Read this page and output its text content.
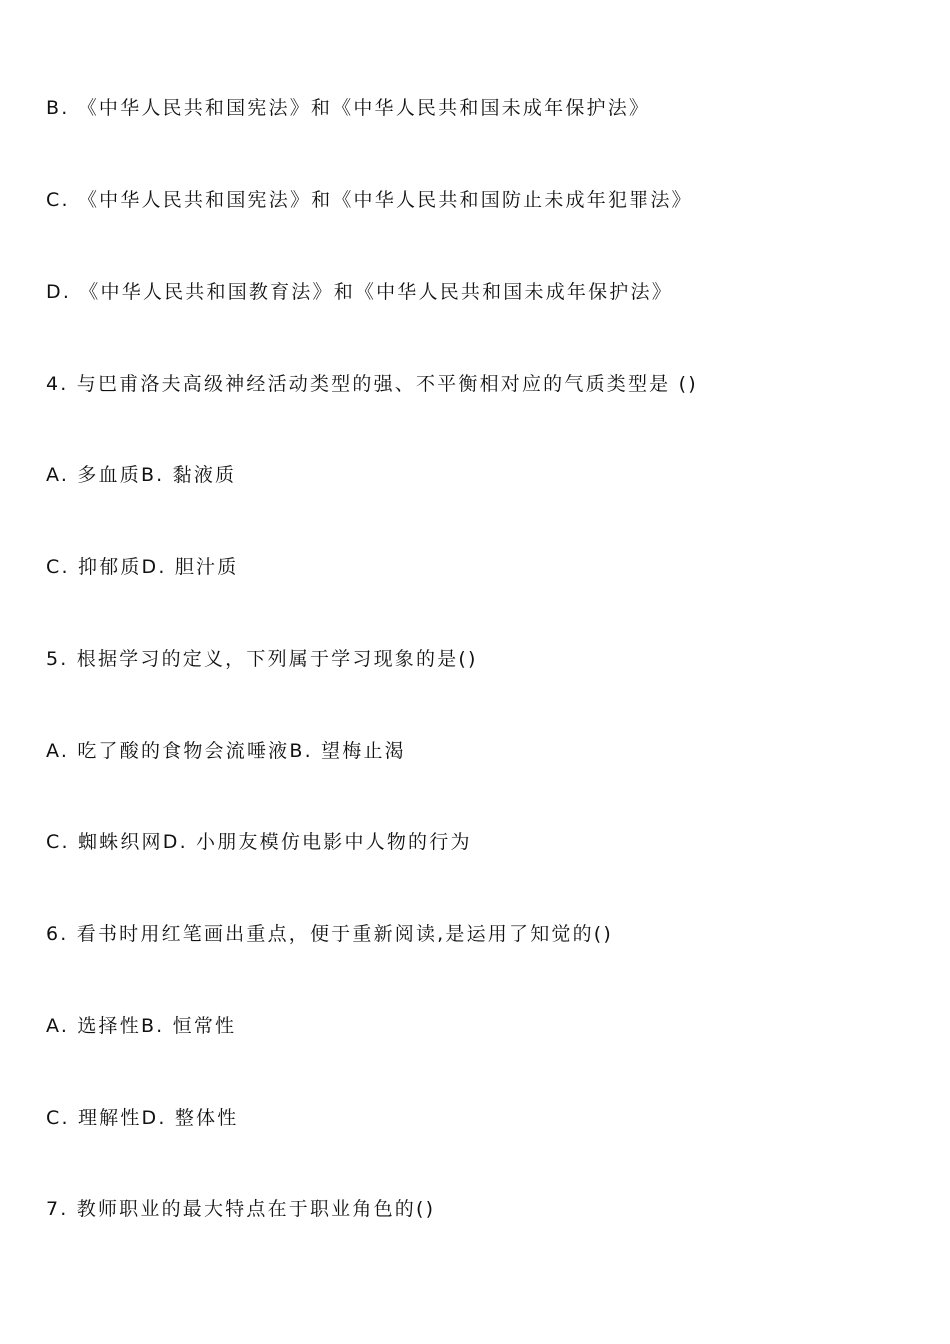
B. 《中华人民共和国宪法》和《中华人民共和国未成年保护法》
C. 《中华人民共和国宪法》和《中华人民共和国防止未成年犯罪法》
D. 《中华人民共和国教育法》和《中华人民共和国未成年保护法》
4. 与巴甫洛夫高级神经活动类型的强、不平衡相对应的气质类型是 ()
A. 多血质B. 黏液质
C. 抑郁质D. 胆汁质
5. 根据学习的定义，下列属于学习现象的是()
A. 吃了酸的食物会流唾液B. 望梅止渴
C. 蜘蛛织网D. 小朋友模仿电影中人物的行为
6. 看书时用红笔画出重点，便于重新阅读,是运用了知觉的()
A. 选择性B. 恒常性
C. 理解性D. 整体性
7. 教师职业的最大特点在于职业角色的()
